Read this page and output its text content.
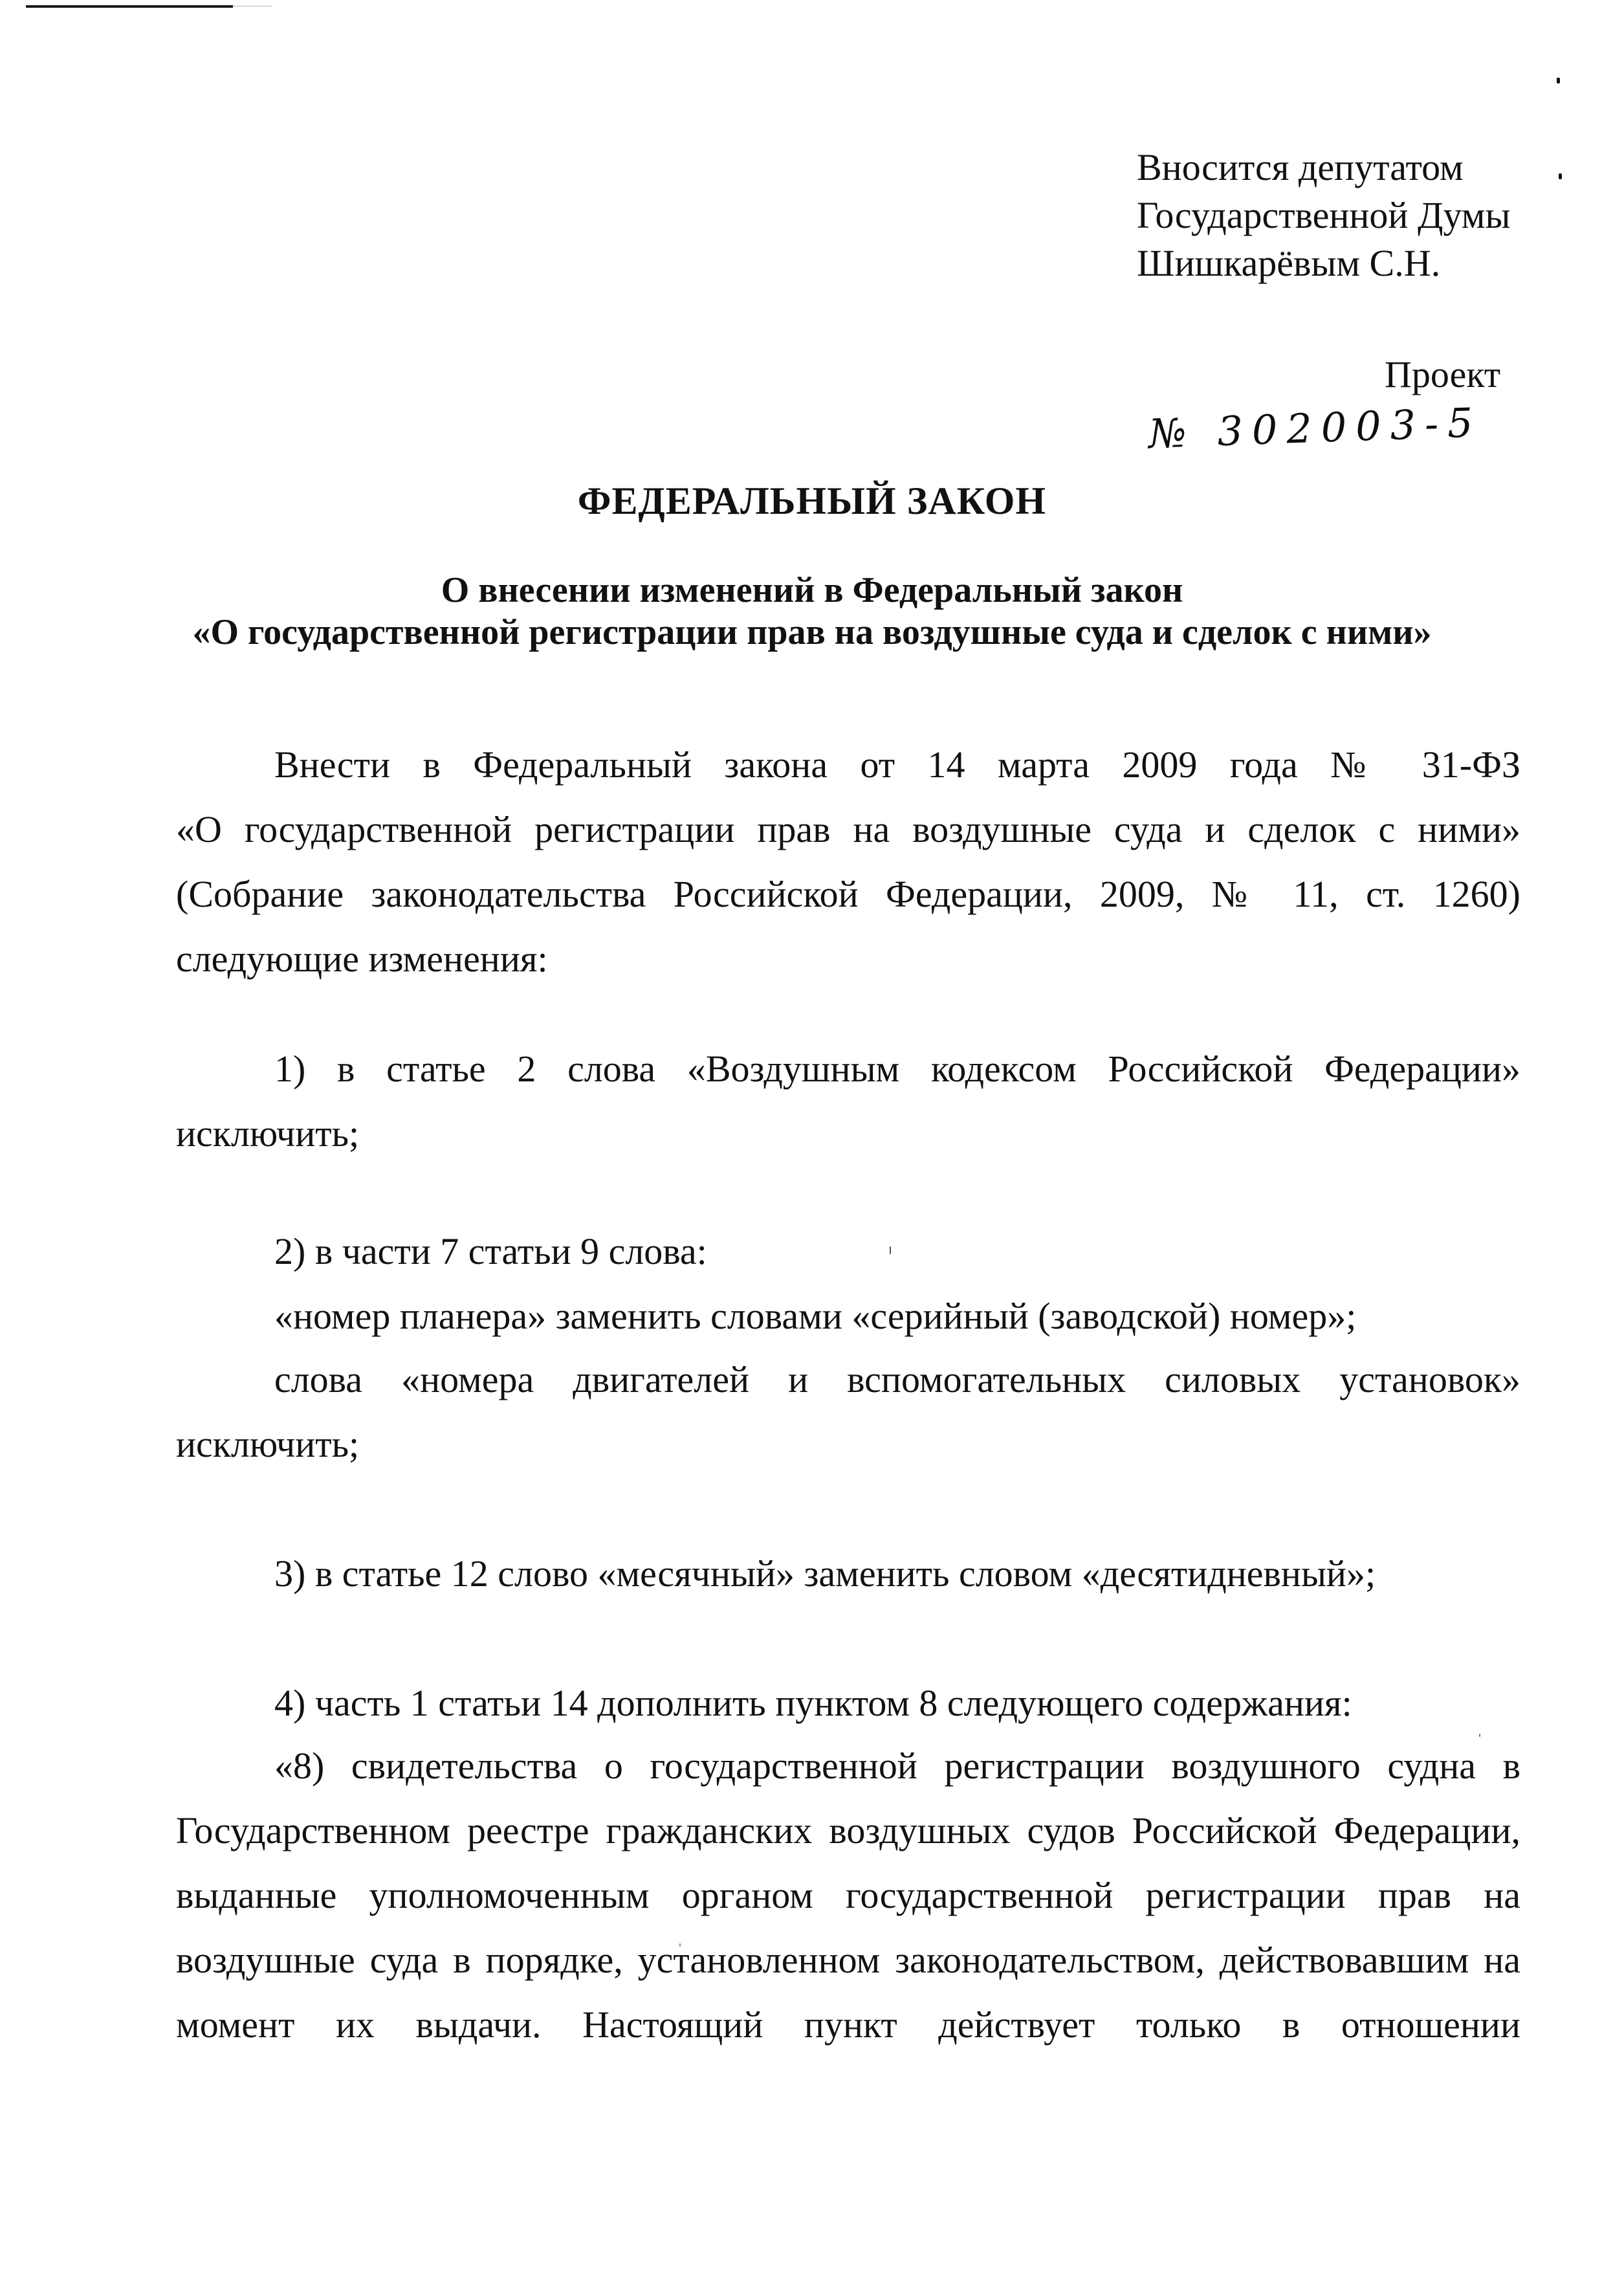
Вносится депутатом
Государственной Думы
Шишкарёвым С.Н.
Проект
№ 302003-5
ФЕДЕРАЛЬНЫЙ ЗАКОН
О внесении изменений в Федеральный закон
«О государственной регистрации прав на воздушные суда и сделок с ними»
Внести в Федеральный закона от 14 марта 2009 года № 31-ФЗ
«О государственной регистрации прав на воздушные суда и сделок с ними»
(Собрание законодательства Российской Федерации, 2009, № 11, ст. 1260)
следующие изменения:
1) в статье 2 слова «Воздушным кодексом Российской Федерации»
исключить;
2) в части 7 статьи 9 слова:
«номер планера» заменить словами «серийный (заводской) номер»;
слова «номера двигателей и вспомогательных силовых установок»
исключить;
3) в статье 12 слово «месячный» заменить словом «десятидневный»;
4) часть 1 статьи 14 дополнить пунктом 8 следующего содержания:
«8) свидетельства о государственной регистрации воздушного судна в
Государственном реестре гражданских воздушных судов Российской Федерации,
выданные уполномоченным органом государственной регистрации прав на
воздушные суда в порядке, установленном законодательством, действовавшим на
момент их выдачи. Настоящий пункт действует только в отношении
